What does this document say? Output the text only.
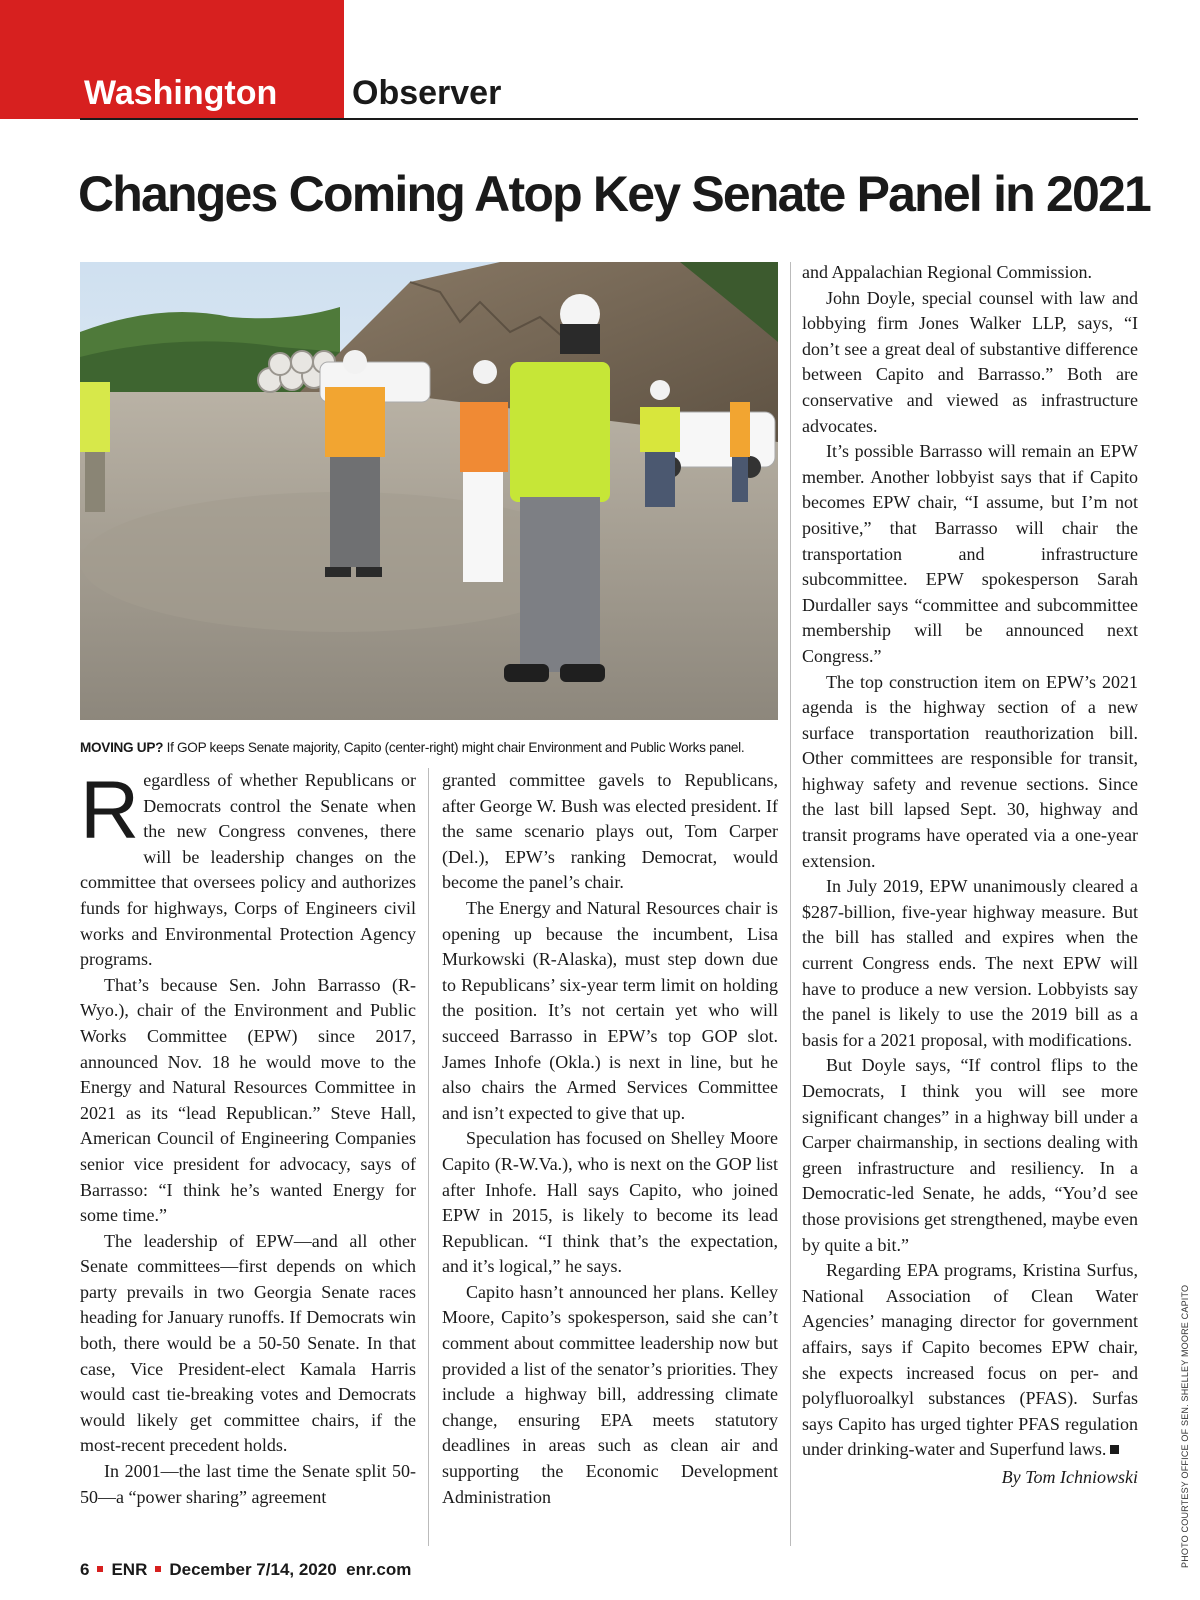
Washington Observer
Changes Coming Atop Key Senate Panel in 2021
MOVING UP? If GOP keeps Senate majority, Capito (center-right) might chair Environment and Public Works panel.

Regardless of whether Republicans or Democrats control the Senate when the new Congress convenes, there will be leadership changes on the committee that oversees policy and authorizes funds for highways, Corps of Engineers civil works and Environmental Protection Agency programs.

That’s because Sen. John Barrasso (R-Wyo.), chair of the Environment and Public Works Committee (EPW) since 2017, announced Nov. 18 he would move to the Energy and Natural Resources Committee in 2021 as its “lead Republican.” Steve Hall, American Council of Engineering Companies senior vice president for advocacy, says of Barrasso: “I think he’s wanted Energy for some time.”

The leadership of EPW—and all other Senate committees—first depends on which party prevails in two Georgia Senate races heading for January runoffs. If Democrats win both, there would be a 50-50 Senate. In that case, Vice President-elect Kamala Harris would cast tie-breaking votes and Democrats would likely get committee chairs, if the most-recent precedent holds.

In 2001—the last time the Senate split 50-50—a “power sharing” agreement

granted committee gavels to Republicans, after George W. Bush was elected president. If the same scenario plays out, Tom Carper (Del.), EPW’s ranking Democrat, would become the panel’s chair.

The Energy and Natural Resources chair is opening up because the incumbent, Lisa Murkowski (R-Alaska), must step down due to Republicans’ six-year term limit on holding the position. It’s not certain yet who will succeed Barrasso in EPW’s top GOP slot. James Inhofe (Okla.) is next in line, but he also chairs the Armed Services Committee and isn’t expected to give that up.

Speculation has focused on Shelley Moore Capito (R-W.Va.), who is next on the GOP list after Inhofe. Hall says Capito, who joined EPW in 2015, is likely to become its lead Republican. “I think that’s the expectation, and it’s logical,” he says.

Capito hasn’t announced her plans. Kelley Moore, Capito’s spokesperson, said she can’t comment about committee leadership now but provided a list of the senator’s priorities. They include a highway bill, addressing climate change, ensuring EPA meets statutory deadlines in areas such as clean air and supporting the Economic Development Administration

and Appalachian Regional Commission.

John Doyle, special counsel with law and lobbying firm Jones Walker LLP, says, “I don’t see a great deal of substantive difference between Capito and Barrasso.” Both are conservative and viewed as infrastructure advocates.

It’s possible Barrasso will remain an EPW member. Another lobbyist says that if Capito becomes EPW chair, “I assume, but I’m not positive,” that Barrasso will chair the transportation and infrastructure subcommittee. EPW spokesperson Sarah Durdaller says “committee and subcommittee membership will be announced next Congress.”

The top construction item on EPW’s 2021 agenda is the highway section of a new surface transportation reauthorization bill. Other committees are responsible for transit, highway safety and revenue sections. Since the last bill lapsed Sept. 30, highway and transit programs have operated via a one-year extension.

In July 2019, EPW unanimously cleared a $287-billion, five-year highway measure. But the bill has stalled and expires when the current Congress ends. The next EPW will have to produce a new version. Lobbyists say the panel is likely to use the 2019 bill as a basis for a 2021 proposal, with modifications.

But Doyle says, “If control flips to the Democrats, I think you will see more significant changes” in a highway bill under a Carper chairmanship, in sections dealing with green infrastructure and resiliency. In a Democratic-led Senate, he adds, “You’d see those provisions get strengthened, maybe even by quite a bit.”

Regarding EPA programs, Kristina Surfus, National Association of Clean Water Agencies’ managing director for government affairs, says if Capito becomes EPW chair, she expects increased focus on per- and polyfluoroalkyl substances (PFAS). Surfas says Capito has urged tighter PFAS regulation under drinking-water and Superfund laws.

By Tom Ichniowski	PHOTO COURTESY OFFICE OF SEN. SHELLEY MOORE CAPITO
6 ENR December 7/14, 2020 enr.com
